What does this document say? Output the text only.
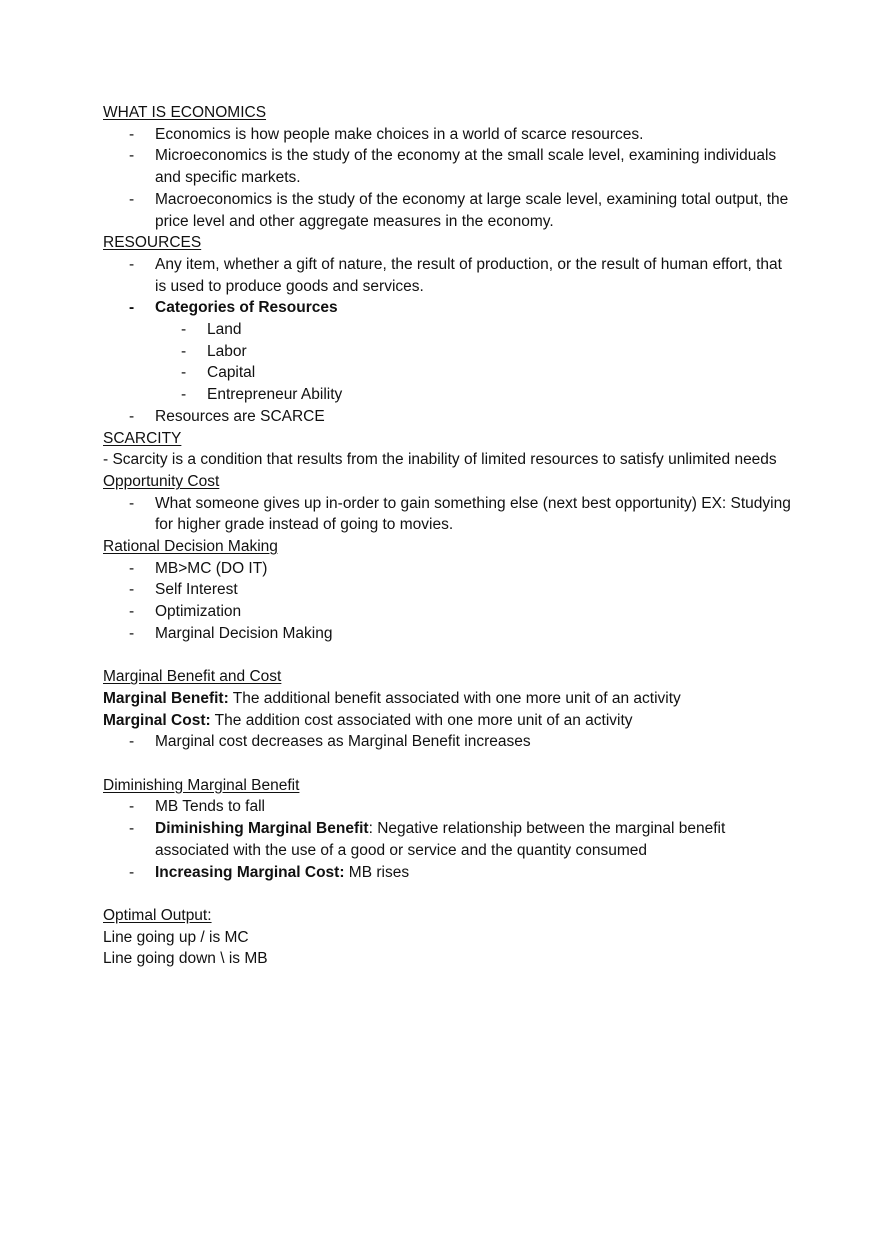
WHAT IS ECONOMICS

-	Economics is how people make choices in a world of scarce resources.
-	Microeconomics is the study of the economy at the small scale level, examining individuals and specific markets.
-	Macroeconomics is the study of the economy at large scale level, examining total output, the price level and other aggregate measures in the economy.

RESOURCES

-	Any item, whether a gift of nature, the result of production, or the result of human effort, that is used to produce goods and services.
-	Categories of Resources
-	Land
-	Labor
-	Capital
-	Entrepreneur Ability
-	Resources are SCARCE

SCARCITY

- Scarcity is a condition that results from the inability of limited resources to satisfy unlimited needs

Opportunity Cost

-	What someone gives up in-order to gain something else (next best opportunity) EX: Studying for higher grade instead of going to movies.

Rational Decision Making

-	MB>MC (DO IT)
-	Self Interest
-	Optimization
-	Marginal Decision Making

Marginal Benefit and Cost

Marginal Benefit: The additional benefit associated with one more unit of an activity

Marginal Cost: The addition cost associated with one more unit of an activity

-	Marginal cost decreases as Marginal Benefit increases

Diminishing Marginal Benefit

-	MB Tends to fall
-	Diminishing Marginal Benefit: Negative relationship between the marginal benefit associated with the use of a good or service and the quantity consumed
-	Increasing Marginal Cost: MB rises

Optimal Output:

Line going up / is MC

Line going down \ is MB
